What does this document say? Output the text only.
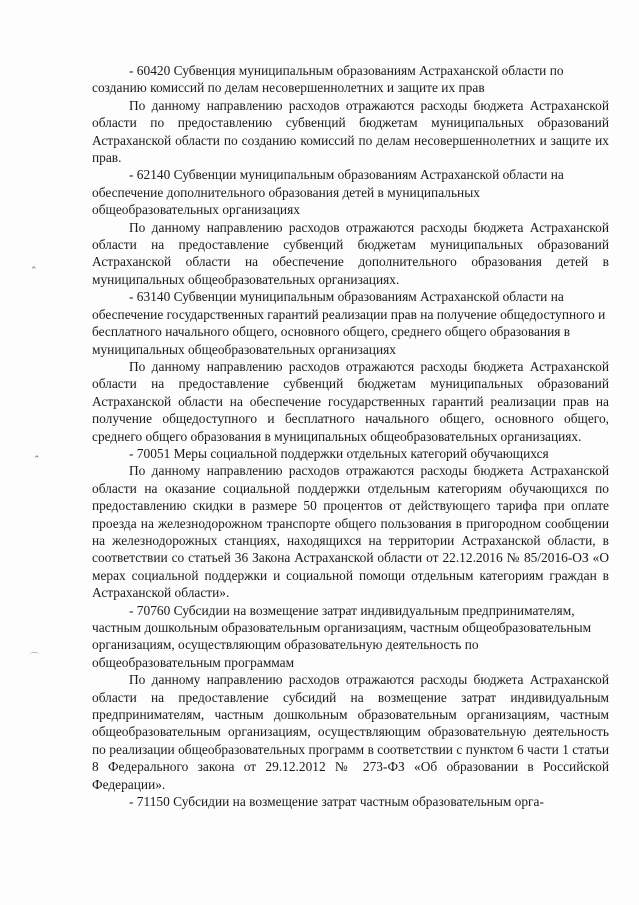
⌃
⌃
⌒

- 60420 Субвенция муниципальным образованиям Астраханской области по созданию комиссий по делам несовершеннолетних и защите их прав

По данному направлению расходов отражаются расходы бюджета Астраханской области по предоставлению субвенций бюджетам муниципальных образований Астраханской области по созданию комиссий по делам несовершеннолетних и защите их прав.

- 62140 Субвенции муниципальным образованиям Астраханской области на обеспечение дополнительного образования детей в муниципальных общеобразовательных организациях

По данному направлению расходов отражаются расходы бюджета Астраханской области на предоставление субвенций бюджетам муниципальных образований Астраханской области на обеспечение дополнительного образования детей в муниципальных общеобразовательных организациях.

- 63140 Субвенции муниципальным образованиям Астраханской области на обеспечение государственных гарантий реализации прав на получение общедоступного и бесплатного начального общего, основного общего, среднего общего образования в муниципальных общеобразовательных организациях

По данному направлению расходов отражаются расходы бюджета Астраханской области на предоставление субвенций бюджетам муниципальных образований Астраханской области на обеспечение государственных гарантий реализации прав на получение общедоступного и бесплатного начального общего, основного общего, среднего общего образования в муниципальных общеобразовательных организациях.

- 70051 Меры социальной поддержки отдельных категорий обучающихся

По данному направлению расходов отражаются расходы бюджета Астраханской области на оказание социальной поддержки отдельным категориям обучающихся по предоставлению скидки в размере 50 процентов от действующего тарифа при оплате проезда на железнодорожном транспорте общего пользования в пригородном сообщении на железнодорожных станциях, находящихся на территории Астраханской области, в соответствии со статьей 36 Закона Астраханской области от 22.12.2016 № 85/2016-ОЗ «О мерах социальной поддержки и социальной помощи отдельным категориям граждан в Астраханской области».

- 70760 Субсидии на возмещение затрат индивидуальным предпринимателям, частным дошкольным образовательным организациям, частным общеобразовательным организациям, осуществляющим образовательную деятельность по общеобразовательным программам

По данному направлению расходов отражаются расходы бюджета Астраханской области на предоставление субсидий на возмещение затрат индивидуальным предпринимателям, частным дошкольным образовательным организациям, частным общеобразовательным организациям, осуществляющим образовательную деятельность по реализации общеобразовательных программ в соответствии с пунктом 6 части 1 статьи 8 Федерального закона от 29.12.2012 № 273-ФЗ «Об образовании в Российской Федерации».

- 71150 Субсидии на возмещение затрат частным образовательным орга-
